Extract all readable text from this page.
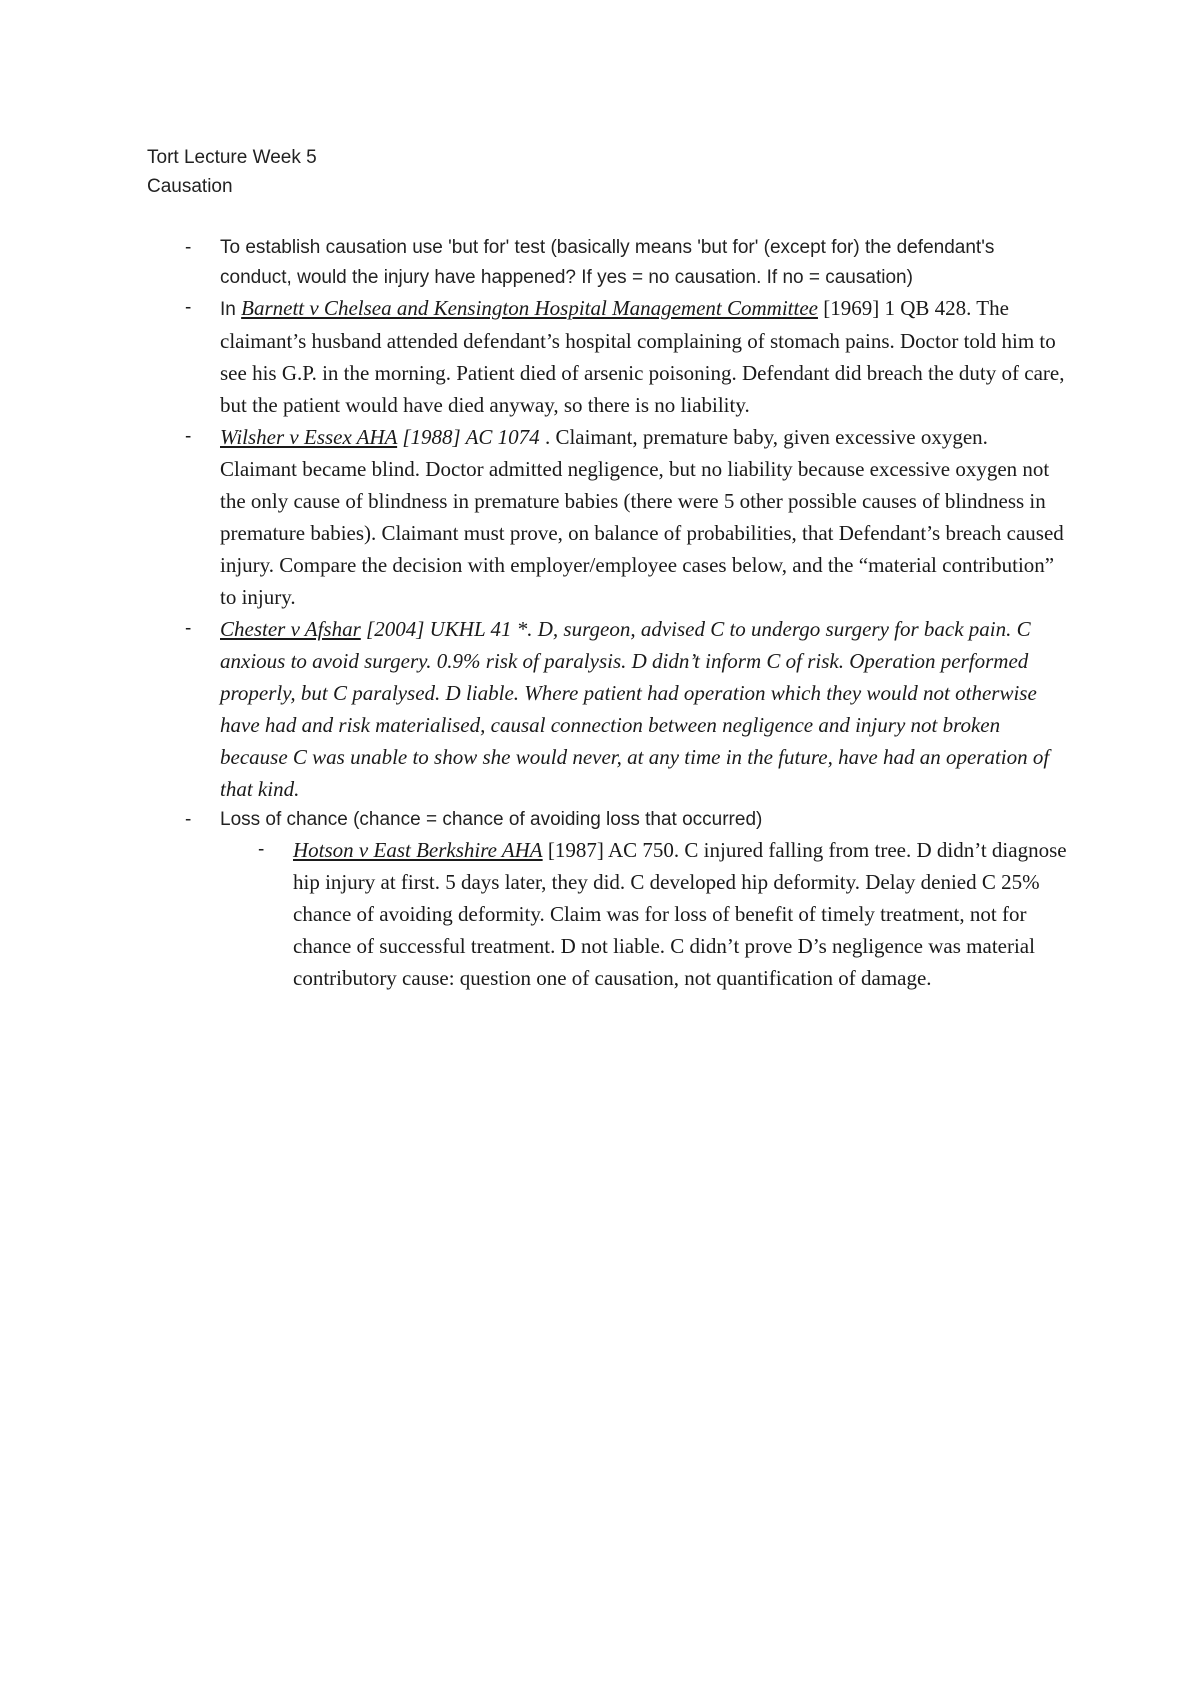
Tort Lecture Week 5
Causation
- To establish causation use 'but for' test (basically means 'but for' (except for) the defendant's conduct, would the injury have happened? If yes = no causation. If no = causation)
- In Barnett v Chelsea and Kensington Hospital Management Committee [1969] 1 QB 428. The claimant’s husband attended defendant’s hospital complaining of stomach pains. Doctor told him to see his G.P. in the morning. Patient died of arsenic poisoning. Defendant did breach the duty of care, but the patient would have died anyway, so there is no liability.
- Wilsher v Essex AHA [1988] AC 1074 . Claimant, premature baby, given excessive oxygen. Claimant became blind. Doctor admitted negligence, but no liability because excessive oxygen not the only cause of blindness in premature babies (there were 5 other possible causes of blindness in premature babies). Claimant must prove, on balance of probabilities, that Defendant’s breach caused injury. Compare the decision with employer/employee cases below, and the “material contribution” to injury.
- Chester v Afshar [2004] UKHL 41 *. D, surgeon, advised C to undergo surgery for back pain. C anxious to avoid surgery. 0.9% risk of paralysis. D didn’t inform C of risk. Operation performed properly, but C paralysed. D liable. Where patient had operation which they would not otherwise have had and risk materialised, causal connection between negligence and injury not broken because C was unable to show she would never, at any time in the future, have had an operation of that kind.
- Loss of chance (chance = chance of avoiding loss that occurred)
- Hotson v East Berkshire AHA [1987] AC 750. C injured falling from tree. D didn’t diagnose hip injury at first. 5 days later, they did. C developed hip deformity. Delay denied C 25% chance of avoiding deformity. Claim was for loss of benefit of timely treatment, not for chance of successful treatment. D not liable. C didn’t prove D’s negligence was material contributory cause: question one of causation, not quantification of damage.
